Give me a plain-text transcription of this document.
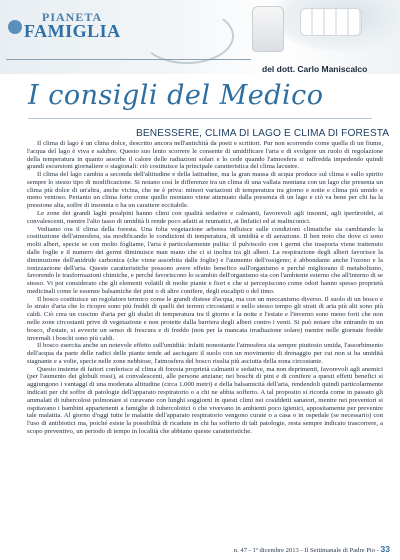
PIANETA
FAMIGLIA
del dott. Carlo Maniscalco
I consigli del Medico
BENESSERE, CLIMA DI LAGO E CLIMA DI FORESTA

Il clima di lago è un clima dolce, descritto ancora nell'antichità da poeti e scrittori. Pur non scorrendo come quella di un fiume, l'acqua del lago è viva e salubre. Questo suo lento scorrere le consente di umidificare l'aria e di svolgere un ruolo di regolazione della temperatura in quanto assorbe il calore delle radiazioni solari e lo cede quando l'atmosfera si raffredda impedendo quindi grandi escursioni giornaliere o stagionali: ciò costituisce la principale caratteristica del clima lacustre.

Il clima del lago cambia a seconda dell'altitudine e della latitudine, ma la gran massa di acqua produce sul clima e sullo spirito sempre lo stesso tipo di modificazione. Si notano così le differenze tra un clima di una vallata montana con un lago che presenta un clima più dolce di un'altra, anche vicina, che ne è priva: minori variazioni di temperatura tra giorno e notte e clima più umido e meno ventoso. Pertanto un clima forte come quello montano viene attenuato dalla presenza di un lago e ciò va bene per chi ha la pressione alta, soffre di insonnia o ha un carattere eccitabile.

Le zone dei grandi laghi prealpini hanno climi con qualità sedative e calmanti, favorevoli agli insonni, agli ipertiroidei, ai convalescenti, mentre l'alto tasso di umidità li rende poco adatti ai reumatici, ai linfatici ed ai malinconici.

Vediamo ora il clima della foresta. Una folta vegetazione arborea influisce sulle condizioni climatiche sia cambiando la costituzione dell'atmosfera, sia modificando le condizioni di temperatura, di umidità e di aerazione. Il ben noto che dove ci sono molti alberi, specie se con molto fogliame, l'aria è particolarmente pulita: il pulviscolo con i germi che trasporta viene trattenuto dalle foglie e il numero dei germi diminuisce man mano che ci si inoltra tra gli alberi. La respirazione degli alberi favorisce la diminuzione dell'anidride carbonica (che viene assorbita dalle foglie) e l'aumento dell'ossigeno; è abbondante anche l'ozono e la ionizzazione dell'aria. Queste caratteristiche possono avere effetto benefico sull'organismo e perché migliorano il metabolismo, favorendo le trasformazioni chimiche, e perché favoriscono lo scambio dell'organismo sia con l'ambiente esterno che all'interno di se stesso. Vi poi considerato che gli elementi volatili di molte piante e fiori e che si percepiscono come odori hanno spesso proprietà medicinali come le essenze balsamiche dei pini o di altre conifere, degli eucalipti o del timo.

Il bosco costituisce un regolatore termico come le grandi distese d'acqua, ma con un meccanismo diverso. Il suolo di un bosco e lo strato d'aria che lo ricopre sono più freddi di quelli dei terreni circostanti e nello stesso tempo gli strati di aria più alti sono più caldi. Ciò crea un cuscino d'aria per gli sbalzi di temperatura tra il giorno e la notte e l'estate e l'inverno sono meno forti che non nelle zone circostanti prive di vegetazione e non protette dalla barriera degli alberi contro i venti. Si può notare che entrando in un bosco, d'estate, si avverte un senso di frescura e di freddo (non per la mancata irradiazione solare) mentre nelle giornate fredde invernali i boschi sono più caldi.

Il bosco esercita anche un notevole effetto sull'umidità: infatti nonostante l'atmosfera sia sempre piuttosto umida, l'assorbimento dell'acqua da parte delle radici delle piante tende ad asciugare il suolo con un movimento di drenaggio per cui non si ha umidità stagnante e a volte, specie nelle zone nebbiose, l'atmosfera del bosco risulta più asciutta della zona circostante.

Questo insieme di fattori conferisce al clima di foresta proprietà calmanti e sedative, ma non deprimenti, favorevoli agli anemici (per l'aumento dei globuli rossi), ai convalescenti, alle persone anziane; nei boschi di pini e di conifere a questi effetti benefici si aggiungono i vantaggi di una moderata altitudine (circa 1.000 metri) e della balsamicità dell'aria, rendendoli quindi particolarmente indicati per chi soffre di patologie dell'apparato respiratorio o a chi ne abbia sofferto. A tal proposito si ricorda come in passato gli ammalati di tubercolosi polmonare si curavano con lunghi soggiorni in questi climi nei cosiddetti sanatori, mentre nei preventori si ospitavano i bambini appartenenti a famiglie di tubercolotici o che vivevano in ambienti poco igienici, appositamente per prevenire tale malattia. Al giorno d'oggi tutte le malattie dell'apparato respiratorio vengono curate o a casa o in ospedale (se necessario) con l'uso di antibiotici ma, poiché esiste la possibilità di ricadute in chi ha sofferto di tali patologie, resta sempre indicato trascorrere, a scopo preventivo, un periodo di tempo in località che abbiano queste caratteristiche.

n. 47 - 1º dicembre 2013 - Il Settimanale di Padre Pio - 33
